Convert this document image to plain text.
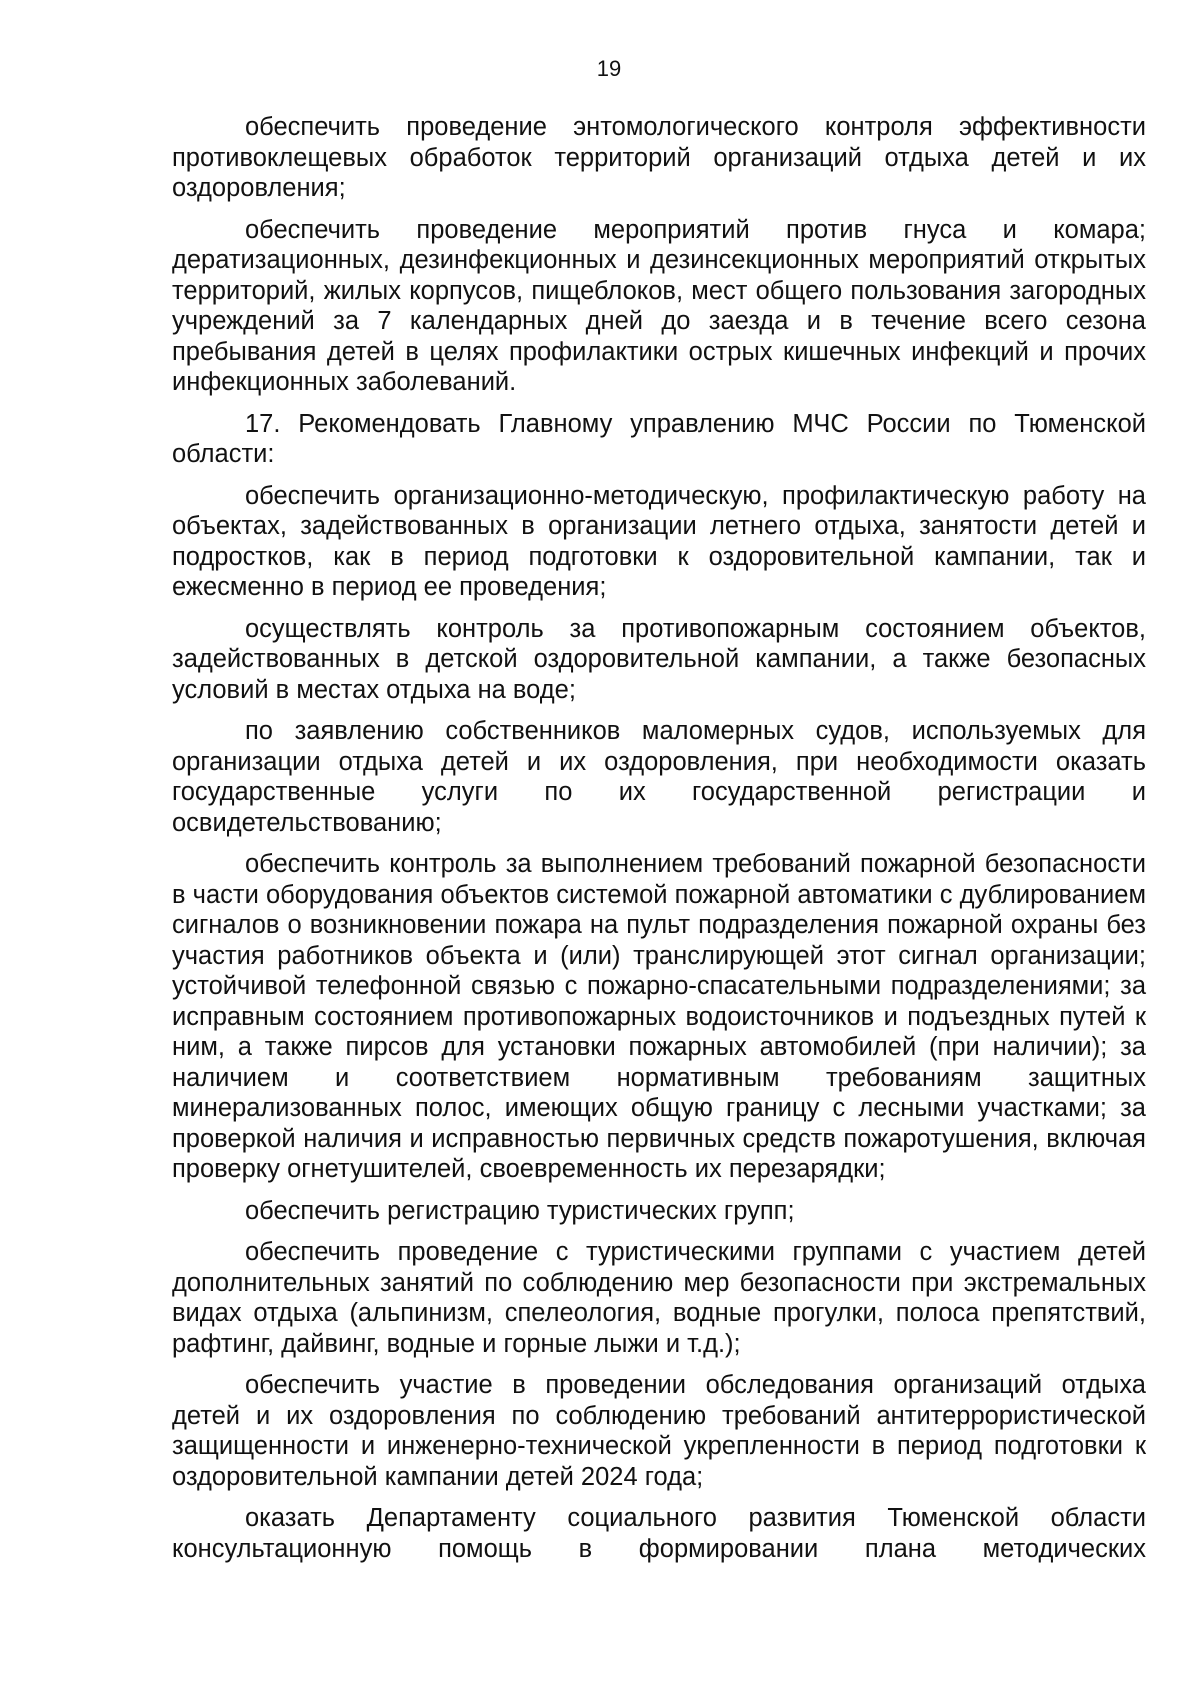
19

обеспечить проведение энтомологического контроля эффективности противоклещевых обработок территорий организаций отдыха детей и их оздоровления;

обеспечить проведение мероприятий против гнуса и комара; дератизационных, дезинфекционных и дезинсекционных мероприятий открытых территорий, жилых корпусов, пищеблоков, мест общего пользования загородных учреждений за 7 календарных дней до заезда и в течение всего сезона пребывания детей в целях профилактики острых кишечных инфекций и прочих инфекционных заболеваний.

17. Рекомендовать Главному управлению МЧС России по Тюменской области:

обеспечить организационно-методическую, профилактическую работу на объектах, задействованных в организации летнего отдыха, занятости детей и подростков, как в период подготовки к оздоровительной кампании, так и ежесменно в период ее проведения;

осуществлять контроль за противопожарным состоянием объектов, задействованных в детской оздоровительной кампании, а также безопасных условий в местах отдыха на воде;

по заявлению собственников маломерных судов, используемых для организации отдыха детей и их оздоровления, при необходимости оказать государственные услуги по их государственной регистрации и освидетельствованию;

обеспечить контроль за выполнением требований пожарной безопасности в части оборудования объектов системой пожарной автоматики с дублированием сигналов о возникновении пожара на пульт подразделения пожарной охраны без участия работников объекта и (или) транслирующей этот сигнал организации; устойчивой телефонной связью с пожарно-спасательными подразделениями; за исправным состоянием противопожарных водоисточников и подъездных путей к ним, а также пирсов для установки пожарных автомобилей (при наличии); за наличием и соответствием нормативным требованиям защитных минерализованных полос, имеющих общую границу с лесными участками; за проверкой наличия и исправностью первичных средств пожаротушения, включая проверку огнетушителей, своевременность их перезарядки;

обеспечить регистрацию туристических групп;

обеспечить проведение с туристическими группами с участием детей дополнительных занятий по соблюдению мер безопасности при экстремальных видах отдыха (альпинизм, спелеология, водные прогулки, полоса препятствий, рафтинг, дайвинг, водные и горные лыжи и т.д.);

обеспечить участие в проведении обследования организаций отдыха детей и их оздоровления по соблюдению требований антитеррористической защищенности и инженерно-технической укрепленности в период подготовки к оздоровительной кампании детей 2024 года;

оказать Департаменту социального развития Тюменской области консультационную помощь в формировании плана методических
